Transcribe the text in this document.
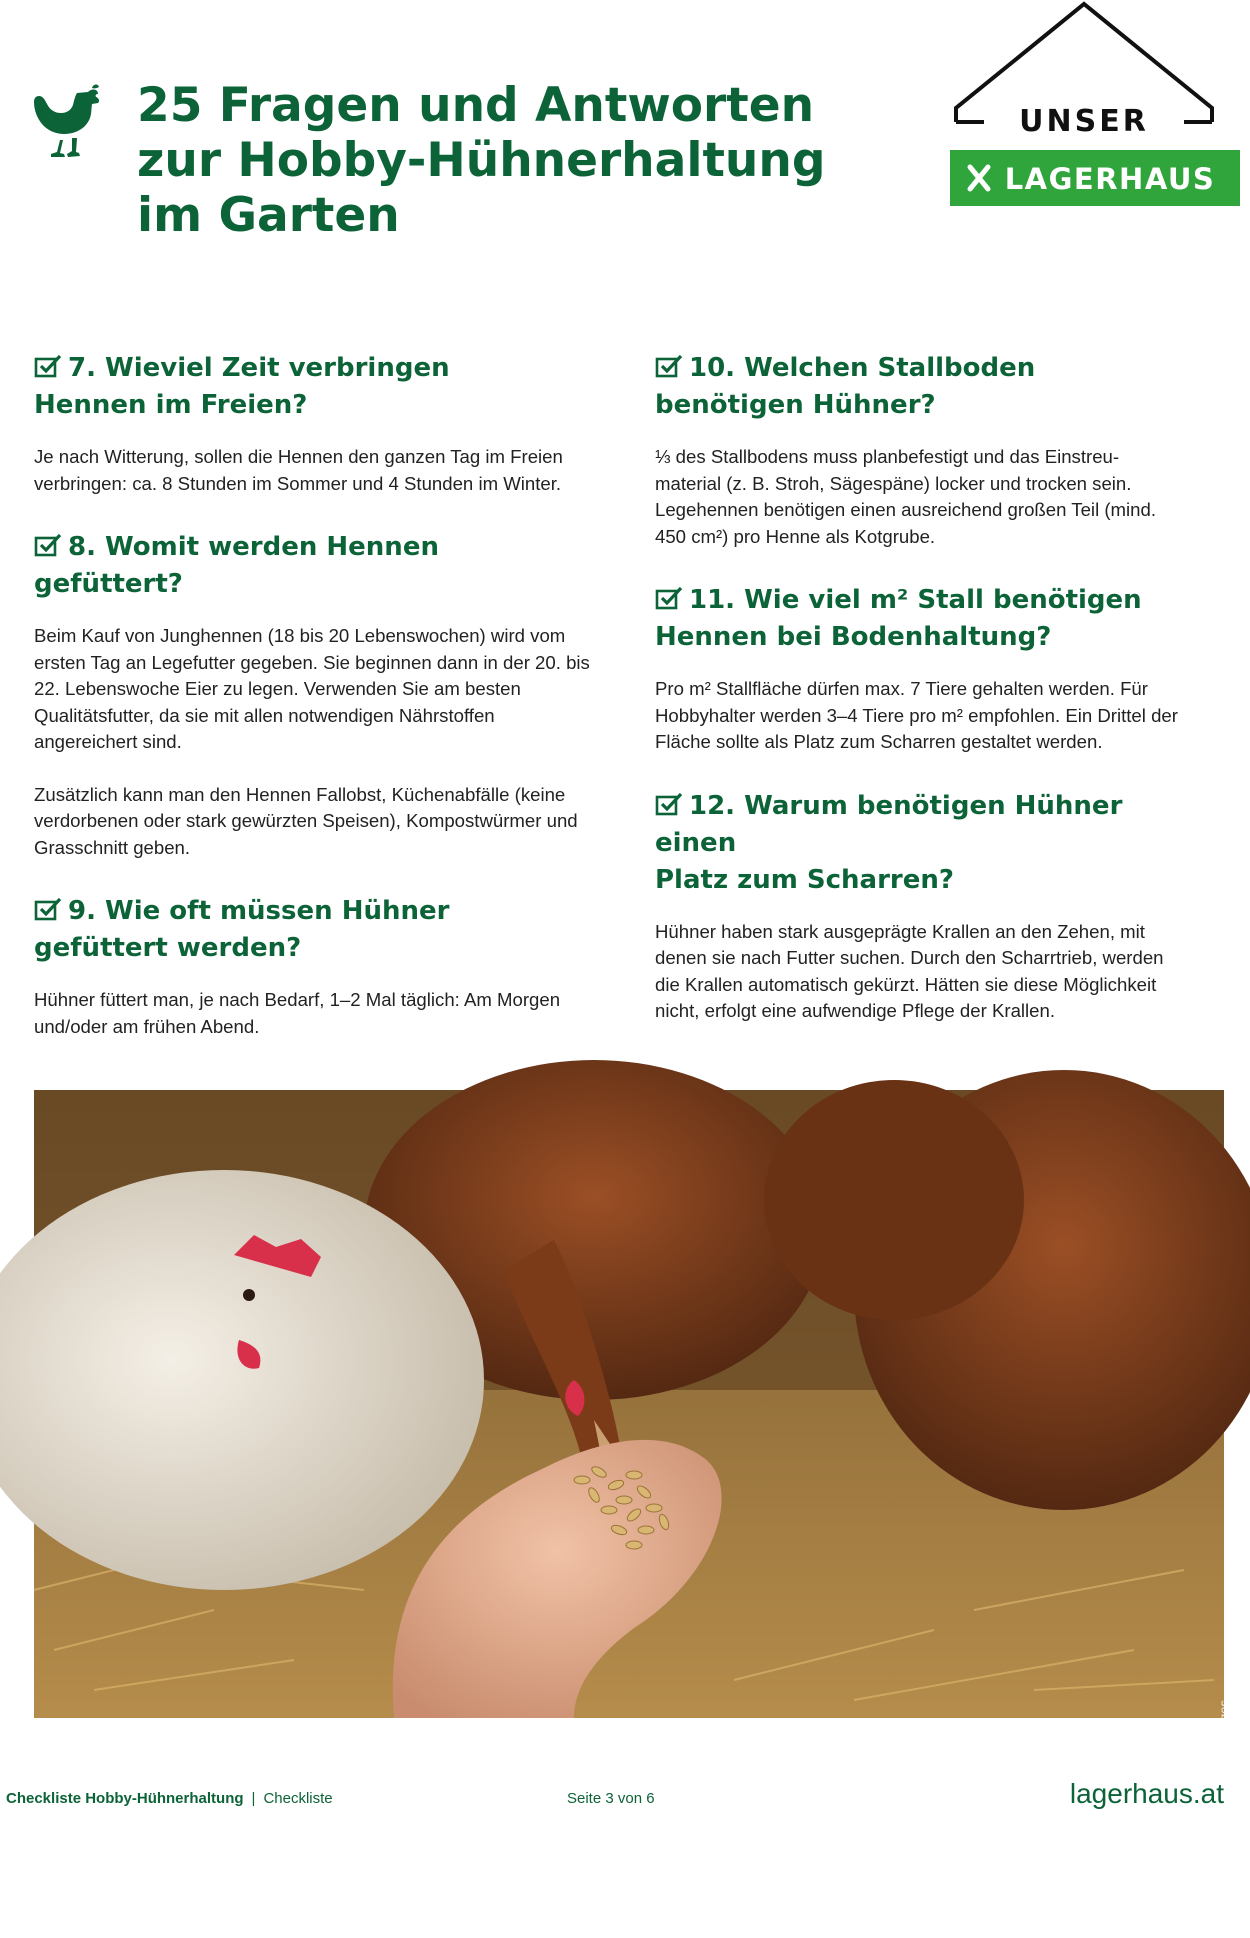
25 Fragen und Antworten
zur Hobby-Hühnerhaltung
im Garten
UNSER
LAGERHAUS
7. Wieviel Zeit verbringen
Hennen im Freien?

Je nach Witterung, sollen die Hennen den ganzen Tag im Freien verbringen: ca. 8 Stunden im Sommer und 4 Stunden im Winter.

8. Womit werden Hennen gefüttert?

Beim Kauf von Junghennen (18 bis 20 Lebenswochen) wird vom ersten Tag an Legefutter gegeben. Sie beginnen dann in der 20. bis 22. Lebenswoche Eier zu legen. Verwenden Sie am besten Qualitätsfutter, da sie mit allen notwendigen Nährstoffen angereichert sind.

Zusätzlich kann man den Hennen Fallobst, Küchenabfälle (keine verdorbenen oder stark gewürzten Speisen), Kompostwürmer und Grasschnitt geben.

9. Wie oft müssen Hühner
gefüttert werden?

Hühner füttert man, je nach Bedarf, 1–2 Mal täglich: Am Morgen und/oder am frühen Abend.

10. Welchen Stallboden
benötigen Hühner?

⅓ des Stallbodens muss planbefestigt und das Einstreu-material (z. B. Stroh, Sägespäne) locker und trocken sein. Legehennen benötigen einen ausreichend großen Teil (mind. 450 cm²) pro Henne als Kotgrube.

11. Wie viel m² Stall benötigen
Hennen bei Bodenhaltung?

Pro m² Stallfläche dürfen max. 7 Tiere gehalten werden. Für Hobbyhalter werden 3–4 Tiere pro m² empfohlen. Ein Drittel der Fläche sollte als Platz zum Scharren gestaltet werden.

12. Warum benötigen Hühner einen
Platz zum Scharren?

Hühner haben stark ausgeprägte Krallen an den Zehen, mit denen sie nach Futter suchen. Durch den Scharrtrieb, werden die Krallen automatisch gekürzt. Hätten sie diese Möglichkeit nicht, erfolgt eine aufwendige Pflege der Krallen.

© jetstream4wd | iStock via Getty Images
Checkliste Hobby-Hühnerhaltung | Checkliste	Seite 3 von 6	lagerhaus.at
